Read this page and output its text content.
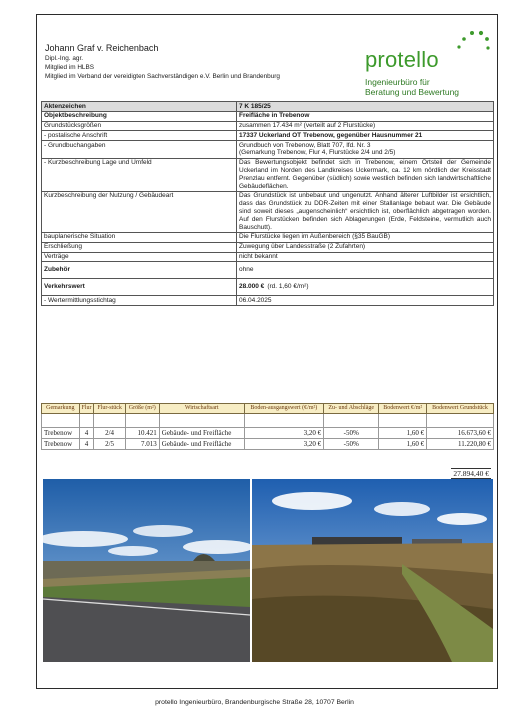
Johann Graf v. Reichenbach
Dipl.-Ing. agr.
Mitglied im HLBS
Mitglied im Verband der vereidigten Sachverständigen e.V. Berlin und Brandenburg
protello
Ingenieurbüro für
Beratung und Bewertung
Aktenzeichen	7 K 185/25
Objektbeschreibung	Freifläche in Trebenow
Grundstücksgrößen	zusammen 17.434 m² (verteilt auf 2 Flurstücke)
- postalische Anschrift	17337 Uckerland OT Trebenow, gegenüber Hausnummer 21
- Grundbuchangaben	Grundbuch von Trebenow, Blatt 707, lfd. Nr. 3
(Gemarkung Trebenow, Flur 4, Flurstücke 2/4 und 2/5)
- Kurzbeschreibung Lage und Umfeld	Das Bewertungsobjekt befindet sich in Trebenow, einem Ortsteil der Gemeinde Uckerland im Norden des Landkreises Uckermark, ca. 12 km nördlich der Kreisstadt Prenzlau entfernt. Gegenüber (südlich) sowie westlich befinden sich landwirtschaftliche Gebäudeflächen.
Kurzbeschreibung der Nutzung / Gebäudeart	Das Grundstück ist unbebaut und ungenutzt. Anhand älterer Luftbilder ist ersichtlich, dass das Grundstück zu DDR-Zeiten mit einer Stallanlage bebaut war. Die Gebäude sind soweit dieses „augenscheinlich“ ersichtlich ist, oberflächlich abgetragen worden. Auf den Flurstücken befinden sich Ablagerungen (Erde, Feldsteine, vermutlich auch Bauschutt).
bauplanerische Situation	Die Flurstücke liegen im Außenbereich (§35 BauGB)
Erschließung	Zuwegung über Landesstraße (2 Zufahrten)
Verträge	nicht bekannt
Zubehör	ohne
Verkehrswert	28.000 € (rd. 1,60 €/m²)
- Wertermittlungsstichtag	06.04.2025
Gemarkung	Flur	Flur-stück	Größe (m²)	Wirtschaftsart	Boden-ausgangswert (€/m²)	Zu- und Abschläge	Bodenwert €/m²	Bodenwert Grundstück

Trebenow	4	2/4	10.421	Gebäude- und Freifläche	3,20 €	-50%	1,60 €	16.673,60 €
Trebenow	4	2/5	7.013	Gebäude- und Freifläche	3,20 €	-50%	1,60 €	11.220,80 €
27.894,40 €
protello Ingenieurbüro, Brandenburgische Straße 28, 10707 Berlin
